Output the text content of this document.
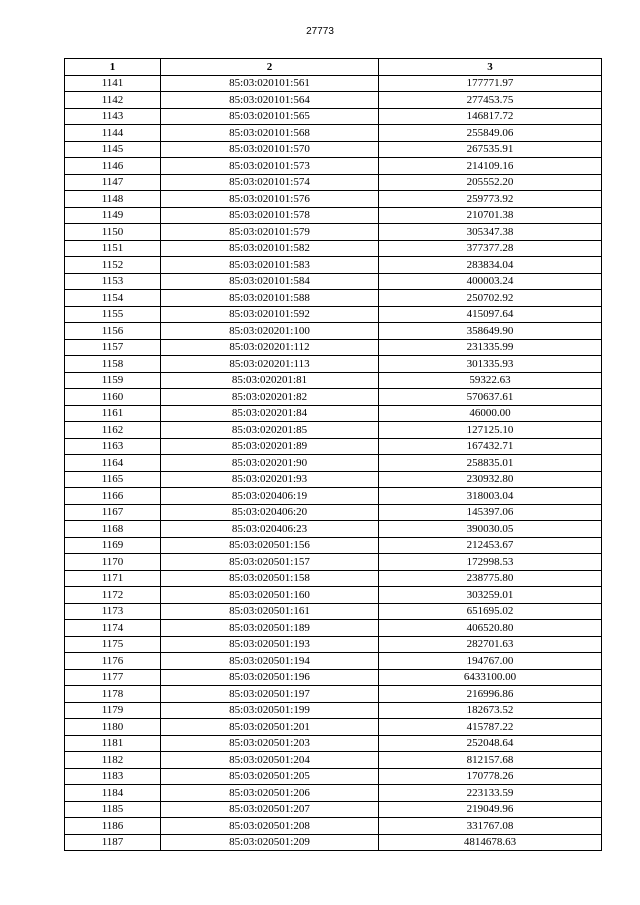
27773
1	2	3
1141	85:03:020101:561	177771.97
1142	85:03:020101:564	277453.75
1143	85:03:020101:565	146817.72
1144	85:03:020101:568	255849.06
1145	85:03:020101:570	267535.91
1146	85:03:020101:573	214109.16
1147	85:03:020101:574	205552.20
1148	85:03:020101:576	259773.92
1149	85:03:020101:578	210701.38
1150	85:03:020101:579	305347.38
1151	85:03:020101:582	377377.28
1152	85:03:020101:583	283834.04
1153	85:03:020101:584	400003.24
1154	85:03:020101:588	250702.92
1155	85:03:020101:592	415097.64
1156	85:03:020201:100	358649.90
1157	85:03:020201:112	231335.99
1158	85:03:020201:113	301335.93
1159	85:03:020201:81	59322.63
1160	85:03:020201:82	570637.61
1161	85:03:020201:84	46000.00
1162	85:03:020201:85	127125.10
1163	85:03:020201:89	167432.71
1164	85:03:020201:90	258835.01
1165	85:03:020201:93	230932.80
1166	85:03:020406:19	318003.04
1167	85:03:020406:20	145397.06
1168	85:03:020406:23	390030.05
1169	85:03:020501:156	212453.67
1170	85:03:020501:157	172998.53
1171	85:03:020501:158	238775.80
1172	85:03:020501:160	303259.01
1173	85:03:020501:161	651695.02
1174	85:03:020501:189	406520.80
1175	85:03:020501:193	282701.63
1176	85:03:020501:194	194767.00
1177	85:03:020501:196	6433100.00
1178	85:03:020501:197	216996.86
1179	85:03:020501:199	182673.52
1180	85:03:020501:201	415787.22
1181	85:03:020501:203	252048.64
1182	85:03:020501:204	812157.68
1183	85:03:020501:205	170778.26
1184	85:03:020501:206	223133.59
1185	85:03:020501:207	219049.96
1186	85:03:020501:208	331767.08
1187	85:03:020501:209	4814678.63
